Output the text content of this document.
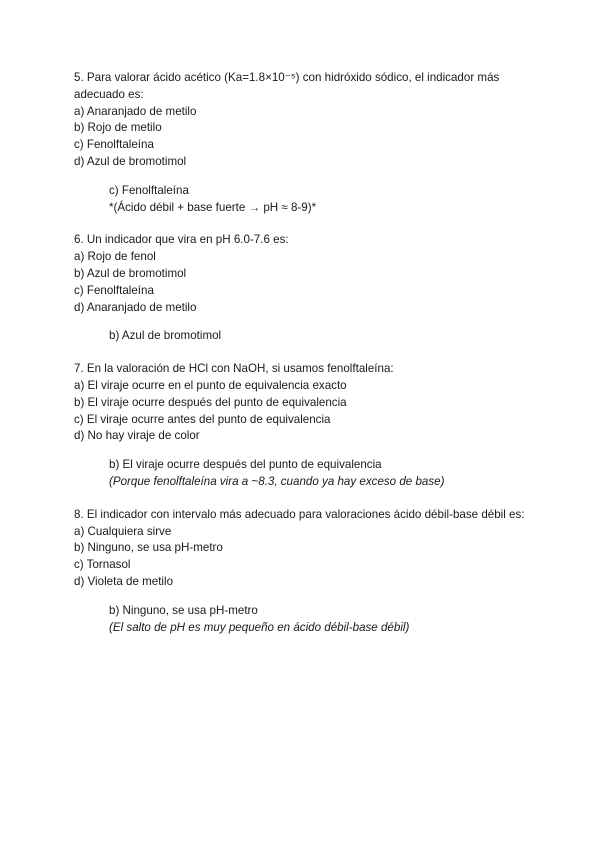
5. Para valorar ácido acético (Ka=1.8×10⁻⁵) con hidróxido sódico, el indicador más adecuado es:

a) Anaranjado de metilo

b) Rojo de metilo

c) Fenolftaleína

d) Azul de bromotimol

c) Fenolftaleína

*(Ácido débil + base fuerte → pH ≈ 8-9)*

6. Un indicador que vira en pH 6.0-7.6 es:

a) Rojo de fenol

b) Azul de bromotimol

c) Fenolftaleína

d) Anaranjado de metilo

b) Azul de bromotimol

7. En la valoración de HCl con NaOH, si usamos fenolftaleína:

a) El viraje ocurre en el punto de equivalencia exacto

b) El viraje ocurre después del punto de equivalencia

c) El viraje ocurre antes del punto de equivalencia

d) No hay viraje de color

b) El viraje ocurre después del punto de equivalencia

(Porque fenolftaleína vira a ~8.3, cuando ya hay exceso de base)

8. El indicador con intervalo más adecuado para valoraciones ácido débil-base débil es:

a) Cualquiera sirve

b) Ninguno, se usa pH-metro

c) Tornasol

d) Violeta de metilo

b) Ninguno, se usa pH-metro

(El salto de pH es muy pequeño en ácido débil-base débil)
